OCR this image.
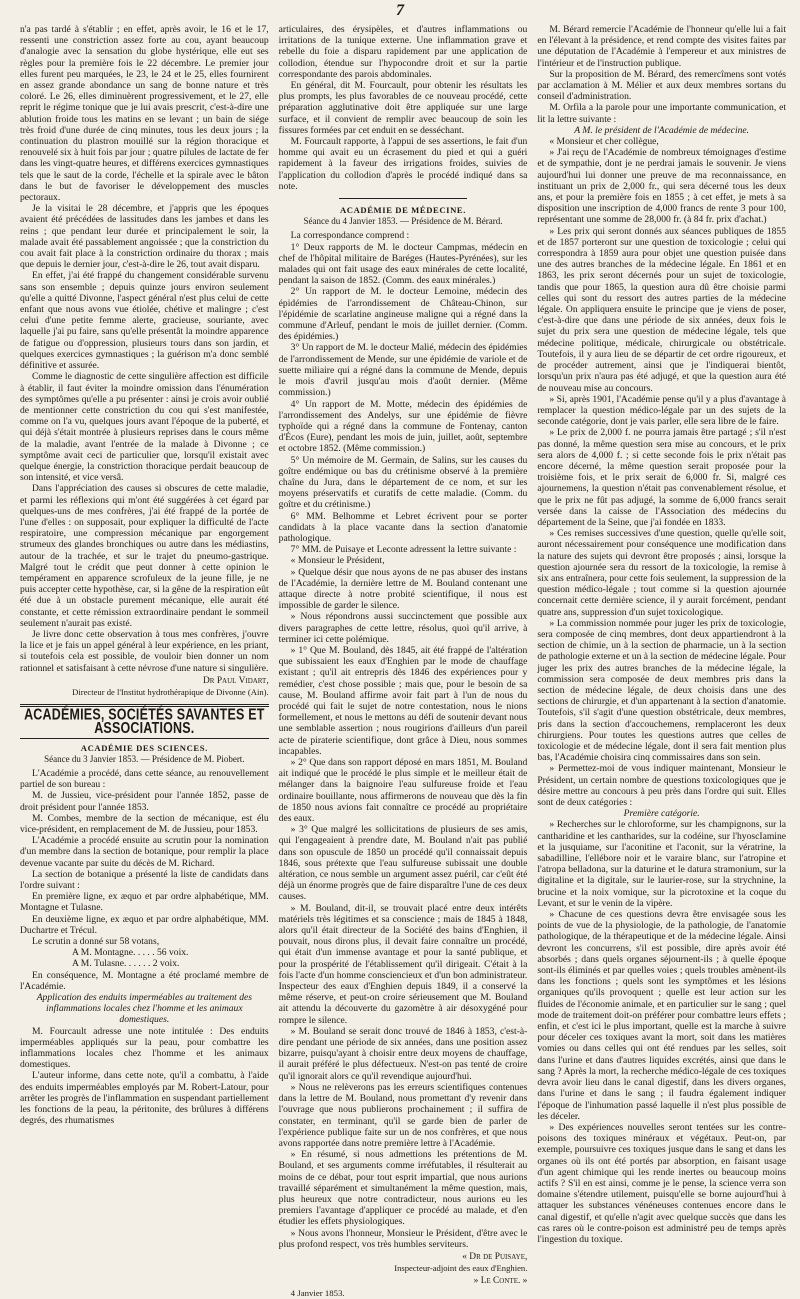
7

n'a pas tardé à s'établir ; en effet, après avoir, le 16 et le 17, ressenti une constriction assez forte au cou, ayant beaucoup d'analogie avec la sensation du globe hystérique, elle eut ses règles pour la première fois le 22 décembre. Le premier jour elles furent peu marquées, le 23, le 24 et le 25, elles fournirent en assez grande abondance un sang de bonne nature et très coloré. Le 26, elles diminuèrent progressivement, et le 27, elle reprit le régime tonique que je lui avais prescrit, c'est-à-dire une ablution froide tous les matins en se levant ; un bain de siége très froid d'une durée de cinq minutes, tous les deux jours ; la continuation du plastron mouillé sur la région thoracique et renouvelé six à huit fois par jour ; quatre pilules de lactate de fer dans les vingt-quatre heures, et différens exercices gymnastiques tels que le saut de la corde, l'échelle et la spirale avec le bâton dans le but de favoriser le développement des muscles pectoraux.

Je la visitai le 28 décembre, et j'appris que les époques avaient été précédées de lassitudes dans les jambes et dans les reins ; que pendant leur durée et principalement le soir, la malade avait été passablement angoissée ; que la constriction du cou avait fait place à la constriction ordinaire du thorax ; mais que depuis le dernier jour, c'est-à-dire le 26, tout avait disparu.

En effet, j'ai été frappé du changement considérable survenu sans son ensemble ; depuis quinze jours environ seulement qu'elle a quitté Divonne, l'aspect général n'est plus celui de cette enfant que nous avons vue étiolée, chétive et malingre ; c'est celui d'une petite femme alerte, gracieuse, souriante, avec laquelle j'ai pu faire, sans qu'elle présentât la moindre apparence de fatigue ou d'oppression, plusieurs tours dans son jardin, et quelques exercices gymnastiques ; la guérison m'a donc semblé définitive et assurée.

Comme le diagnostic de cette singulière affection est difficile à établir, il faut éviter la moindre omission dans l'énumération des symptômes qu'elle a pu présenter : ainsi je crois avoir oublié de mentionner cette constriction du cou qui s'est manifestée, comme on l'a vu, quelques jours avant l'époque de la puberté, et qui déjà s'était montrée à plusieurs reprises dans le cours même de la maladie, avant l'entrée de la malade à Divonne ; ce symptôme avait ceci de particulier que, lorsqu'il existait avec quelque énergie, la constriction thoracique perdait beaucoup de son intensité, et vice versâ.

Dans l'appréciation des causes si obscures de cette maladie, et parmi les réflexions qui m'ont été suggérées à cet égard par quelques-uns de mes confrères, j'ai été frappé de la portée de l'une d'elles : on supposait, pour expliquer la difficulté de l'acte respiratoire, une compression mécanique par engorgement strumeux des glandes bronchiques ou autre dans les médiastins, autour de la trachée, et sur le trajet du pneumo-gastrique. Malgré tout le crédit que peut donner à cette opinion le tempérament en apparence scrofuleux de la jeune fille, je ne puis accepter cette hypothèse, car, si la gêne de la respiration eût été due à un obstacle purement mécanique, elle aurait été constante, et cette rémission extraordinaire pendant le sommeil seulement n'aurait pas existé.

Je livre donc cette observation à tous mes confrères, j'ouvre la lice et je fais un appel général à leur expérience, en les priant, si toutefois cela est possible, de vouloir bien donner un nom rationnel et satisfaisant à cette névrose d'une nature si singulière.

Dr Paul Vidart,
Directeur de l'Institut hydrothérapique de Divonne (Ain).
ACADÉMIES, SOCIÉTÉS SAVANTES ET ASSOCIATIONS.
ACADÉMIE DES SCIENCES.
Séance du 3 Janvier 1853. — Présidence de M. Piobert.

L'Académie a procédé, dans cette séance, au renouvellement partiel de son bureau :

M. de Jussieu, vice-président pour l'année 1852, passe de droit président pour l'année 1853.

M. Combes, membre de la section de mécanique, est élu vice-président, en remplacement de M. de Jussieu, pour 1853.

L'Académie a procédé ensuite au scrutin pour la nomination d'un membre dans la section de botanique, pour remplir la place devenue vacante par suite du décès de M. Richard.

La section de botanique a présenté la liste de candidats dans l'ordre suivant :

En première ligne, ex æquo et par ordre alphabétique, MM. Montagne et Tulasne.

En deuxième ligne, ex æquo et par ordre alphabétique, MM. Duchartre et Trécul.

Le scrutin a donné sur 58 votans,

A M. Montagne. . . . . 56 voix.

A M. Tulasne. . . . . . 2 voix.

En conséquence, M. Montagne a été proclamé membre de l'Académie.

Application des enduits imperméables au traitement des inflammations locales chez l'homme et les animaux domestiques.

M. Fourcault adresse une note intitulée : Des enduits imperméables appliqués sur la peau, pour combattre les inflammations locales chez l'homme et les animaux domestiques.

L'auteur informe, dans cette note, qu'il a combattu, à l'aide des enduits imperméables employés par M. Robert-Latour, pour arrêter les progrès de l'inflammation en suspendant partiellement les fonctions de la peau, la péritonite, des brûlures à différens degrés, des rhumatismes

articulaires, des érysipèles, et d'autres inflammations ou irritations de la tunique externe. Une inflammation grave et rebelle du foie a disparu rapidement par une application de collodion, étendue sur l'hypocondre droit et sur la partie correspondante des parois abdominales.

En général, dit M. Fourcault, pour obtenir les résultats les plus prompts, les plus favorables de ce nouveau procédé, cette préparation agglutinative doit être appliquée sur une large surface, et il convient de remplir avec beaucoup de soin les fissures formées par cet enduit en se desséchant.

M. Fourcault rapporte, à l'appui de ses assertions, le fait d'un homme qui avait eu un écrasement du pied et qui a guéri rapidement à la faveur des irrigations froides, suivies de l'application du collodion d'après le procédé indiqué dans sa note.

ACADÉMIE DE MÉDECINE.
Séance du 4 Janvier 1853. — Présidence de M. Bérard.

La correspondance comprend :

1° Deux rapports de M. le docteur Campmas, médecin en chef de l'hôpital militaire de Baréges (Hautes-Pyrénées), sur les malades qui ont fait usage des eaux minérales de cette localité, pendant la saison de 1852. (Comm. des eaux minérales.)

2° Un rapport de M. le docteur Lemoine, médecin des épidémies de l'arrondissement de Château-Chinon, sur l'épidémie de scarlatine angineuse maligne qui a régné dans la commune d'Arleuf, pendant le mois de juillet dernier. (Comm. des épidémies.)

3° Un rapport de M. le docteur Malié, médecin des épidémies de l'arrondissement de Mende, sur une épidémie de variole et de suette miliaire qui a régné dans la commune de Mende, depuis le mois d'avril jusqu'au mois d'août dernier. (Même commission.)

4° Un rapport de M. Motte, médecin des épidémies de l'arrondissement des Andelys, sur une épidémie de fièvre typhoïde qui a régné dans la commune de Fontenay, canton d'Écos (Eure), pendant les mois de juin, juillet, août, septembre et octobre 1852. (Même commission.)

5° Un mémoire de M. Germain, de Salins, sur les causes du goître endémique ou bas du crétinisme observé à la première chaîne du Jura, dans le département de ce nom, et sur les moyens préservatifs et curatifs de cette maladie. (Comm. du goître et du crétinisme.)

6° MM. Belhomme et Lebret écrivent pour se porter candidats à la place vacante dans la section d'anatomie pathologique.

7° MM. de Puisaye et Leconte adressent la lettre suivante :

« Monsieur le Président,

» Quelque désir que nous ayons de ne pas abuser des instans de l'Académie, la dernière lettre de M. Bouland contenant une attaque directe à notre probité scientifique, il nous est impossible de garder le silence.

» Nous répondrons aussi succinctement que possible aux divers paragraphes de cette lettre, résolus, quoi qu'il arrive, à terminer ici cette polémique.

» 1° Que M. Bouland, dès 1845, ait été frappé de l'altération que subissaient les eaux d'Enghien par le mode de chauffage existant ; qu'il ait entrepris dès 1846 des expériences pour y remédier, c'est chose possible ; mais que, pour le besoin de sa cause, M. Bouland affirme avoir fait part à l'un de nous du procédé qui fait le sujet de notre contestation, nous le nions formellement, et nous le mettons au défi de soutenir devant nous une semblable assertion ; nous rougirions d'ailleurs d'un pareil acte de piraterie scientifique, dont grâce à Dieu, nous sommes incapables.

» 2° Que dans son rapport déposé en mars 1851, M. Bouland ait indiqué que le procédé le plus simple et le meilleur était de mélanger dans la baignoire l'eau sulfureuse froide et l'eau ordinaire bouillante, nous affirmerons de nouveau que dès la fin de 1850 nous avions fait connaître ce procédé au propriétaire des eaux.

» 3° Que malgré les sollicitations de plusieurs de ses amis, qui l'engageaient à prendre date, M. Bouland n'ait pas publié dans son opuscule de 1850 un procédé qu'il connaissait depuis 1846, sous prétexte que l'eau sulfureuse subissait une double altération, ce nous semble un argument assez puéril, car c'eût été déjà un énorme progrès que de faire disparaître l'une de ces deux causes.

» M. Bouland, dit-il, se trouvait placé entre deux intérêts matériels très légitimes et sa conscience ; mais de 1845 à 1848, alors qu'il était directeur de la Société des bains d'Enghien, il pouvait, nous dirons plus, il devait faire connaître un procédé, qui était d'un immense avantage et pour la santé publique, et pour la prospérité de l'établissement qu'il dirigeait. C'était à la fois l'acte d'un homme consciencieux et d'un bon administrateur. Inspecteur des eaux d'Enghien depuis 1849, il a conservé la même réserve, et peut-on croire sérieusement que M. Bouland ait attendu la découverte du gazomètre à air désoxygéné pour rompre le silence.

» M. Bouland se serait donc trouvé de 1846 à 1853, c'est-à-dire pendant une période de six années, dans une position assez bizarre, puisqu'ayant à choisir entre deux moyens de chauffage, il aurait préféré le plus défectueux. N'est-on pas tenté de croire qu'il ignorait alors ce qu'il revendique aujourd'hui.

» Nous ne relèverons pas les erreurs scientifiques contenues dans la lettre de M. Bouland, nous promettant d'y revenir dans l'ouvrage que nous publierons prochainement ; il suffira de constater, en terminant, qu'il se garde bien de parler de l'expérience publique faite sur un de nos confrères, et que nous avons rapportée dans notre première lettre à l'Académie.

» En résumé, si nous admettions les prétentions de M. Bouland, et ses arguments comme irréfutables, il résulterait au moins de ce débat, pour tout esprit impartial, que nous aurions travaillé séparément et simultanément la même question, mais, plus heureux que notre contradicteur, nous aurions eu les premiers l'avantage d'appliquer ce procédé au malade, et d'en étudier les effets physiologiques.

» Nous avons l'honneur, Monsieur le Président, d'être avec le plus profond respect, vos très humbles serviteurs.

« Dr de Puisaye,
Inspecteur-adjoint des eaux d'Enghien.
» Le Conte. »

4 Janvier 1853.

M. Bérard remercie l'Académie de l'honneur qu'elle lui a fait en l'élevant à la présidence, et rend compte des visites faites par une députation de l'Académie à l'empereur et aux ministres de l'intérieur et de l'instruction publique.

Sur la proposition de M. Bérard, des remercîmens sont votés par acclamation à M. Mélier et aux deux membres sortans du conseil d'administration.

M. Orfila a la parole pour une importante communication, et lit la lettre suivante :

A M. le président de l'Académie de médecine.

« Monsieur et cher collègue,

» J'ai reçu de l'Académie de nombreux témoignages d'estime et de sympathie, dont je ne perdrai jamais le souvenir. Je viens aujourd'hui lui donner une preuve de ma reconnaissance, en instituant un prix de 2,000 fr., qui sera décerné tous les deux ans, et pour la première fois en 1855 ; à cet effet, je mets à sa disposition une inscription de 4,000 francs de rente 3 pour 100, représentant une somme de 28,000 fr. (à 84 fr. prix d'achat.)

» Les prix qui seront donnés aux séances publiques de 1855 et de 1857 porteront sur une question de toxicologie ; celui qui correspondra à 1859 aura pour objet une question puisée dans une des autres branches de la médecine légale. En 1861 et en 1863, les prix seront décernés pour un sujet de toxicologie, tandis que pour 1865, la question aura dû être choisie parmi celles qui sont du ressort des autres parties de la médecine légale. On appliquera ensuite le principe que je viens de poser, c'est-à-dire que dans une période de six années, deux fois le sujet du prix sera une question de médecine légale, tels que médecine politique, médicale, chirurgicale ou obstétricale. Toutefois, il y aura lieu de se départir de cet ordre rigoureux, et de procéder autrement, ainsi que je l'indiquerai bientôt, lorsqu'un prix n'aura pas été adjugé, et que la question aura été de nouveau mise au concours.

» Si, après 1901, l'Académie pense qu'il y a plus d'avantage à remplacer la question médico-légale par un des sujets de la seconde catégorie, dont je vais parler, elle sera libre de le faire.

» Le prix de 2,000 f. ne pourra jamais être partagé ; s'il n'est pas donné, la même question sera mise au concours, et le prix sera alors de 4,000 f. ; si cette seconde fois le prix n'était pas encore décerné, la même question serait proposée pour la troisième fois, et le prix serait de 6,000 fr. Si, malgré ces ajournemens, la question n'était pas convenablement résolue, et que le prix ne fût pas adjugé, la somme de 6,000 francs serait versée dans la caisse de l'Association des médecins du département de la Seine, que j'ai fondée en 1833.

» Ces remises successives d'une question, quelle qu'elle soit, auront nécessairement pour conséquence une modification dans la nature des sujets qui devront être proposés ; ainsi, lorsque la question ajournée sera du ressort de la toxicologie, la remise à six ans entraînera, pour cette fois seulement, la suppression de la question médico-légale ; tout comme si la question ajournée concernait cette dernière science, il y aurait forcément, pendant quatre ans, suppression d'un sujet toxicologique.

» La commission nommée pour juger les prix de toxicologie, sera composée de cinq membres, dont deux appartiendront à la section de chimie, un à la section de pharmacie, un à la section de pathologie externe et un à la section de médecine légale. Pour juger les prix des autres branches de la médecine légale, la commission sera composée de deux membres pris dans la section de médecine légale, de deux choisis dans une des sections de chirurgie, et d'un appartenant à la section d'anatomie. Toutefois, s'il s'agit d'une question obstétricale, deux membres, pris dans la section d'accouchemens, remplaceront les deux chirurgiens. Pour toutes les questions autres que celles de toxicologie et de médecine légale, dont il sera fait mention plus bas, l'Académie choisira cinq commissaires dans son sein.

» Permettez-moi de vous indiquer maintenant, Monsieur le Président, un certain nombre de questions toxicologiques que je désire mettre au concours à peu près dans l'ordre qui suit. Elles sont de deux catégories :

Première catégorie.

» Recherches sur le chloroforme, sur les champignons, sur la cantharidine et les cantharides, sur la codéine, sur l'hyoscIamine et la jusquiame, sur l'aconitine et l'aconit, sur la vératrine, la sabadilline, l'ellébore noir et le varaire blanc, sur l'atropine et l'atropa belladona, sur la daturine et le datura stramonium, sur la digitaline et la digitale, sur le laurier-rose, sur la strychnine, la brucine et la noix vomique, sur la picrotoxine et la coque du Levant, et sur le venin de la vipère.

» Chacune de ces questions devra être envisagée sous les points de vue de la physiologie, de la pathologie, de l'anatomie pathologique, de la thérapeutique et de la médecine légale. Ainsi devront les concurrens, s'il est possible, dire après avoir été absorbés ; dans quels organes séjournent-ils ; à quelle époque sont-ils éliminés et par quelles voies ; quels troubles amènent-ils dans les fonctions ; quels sont les symptômes et les lésions organiques qu'ils provoquent ; quelle est leur action sur les fluides de l'économie animale, et en particulier sur le sang ; quel mode de traitement doit-on préférer pour combattre leurs effets ; enfin, et c'est ici le plus important, quelle est la marche à suivre pour déceler ces toxiques avant la mort, soit dans les matières vomies ou dans celles qui ont été rendues par les selles, soit dans l'urine et dans d'autres liquides excrétés, ainsi que dans le sang ? Après la mort, la recherche médico-légale de ces toxiques devra avoir lieu dans le canal digestif, dans les divers organes, dans l'urine et dans le sang ; il faudra également indiquer l'époque de l'inhumation passé laquelle il n'est plus possible de les déceler.

» Des expériences nouvelles seront tentées sur les contre-poisons des toxiques minéraux et végétaux. Peut-on, par exemple, poursuivre ces toxiques jusque dans le sang et dans les organes où ils ont été portés par absorption, en faisant usage d'un agent chimique qui les rende inertes ou beaucoup moins actifs ? S'il en est ainsi, comme je le pense, la science verra son domaine s'étendre utilement, puisqu'elle se borne aujourd'hui à attaquer les substances vénéneuses contenues encore dans le canal digestif, et qu'elle n'agit avec quelque succès que dans les cas rares où le contre-poison est administré peu de temps après l'ingestion du toxique.
